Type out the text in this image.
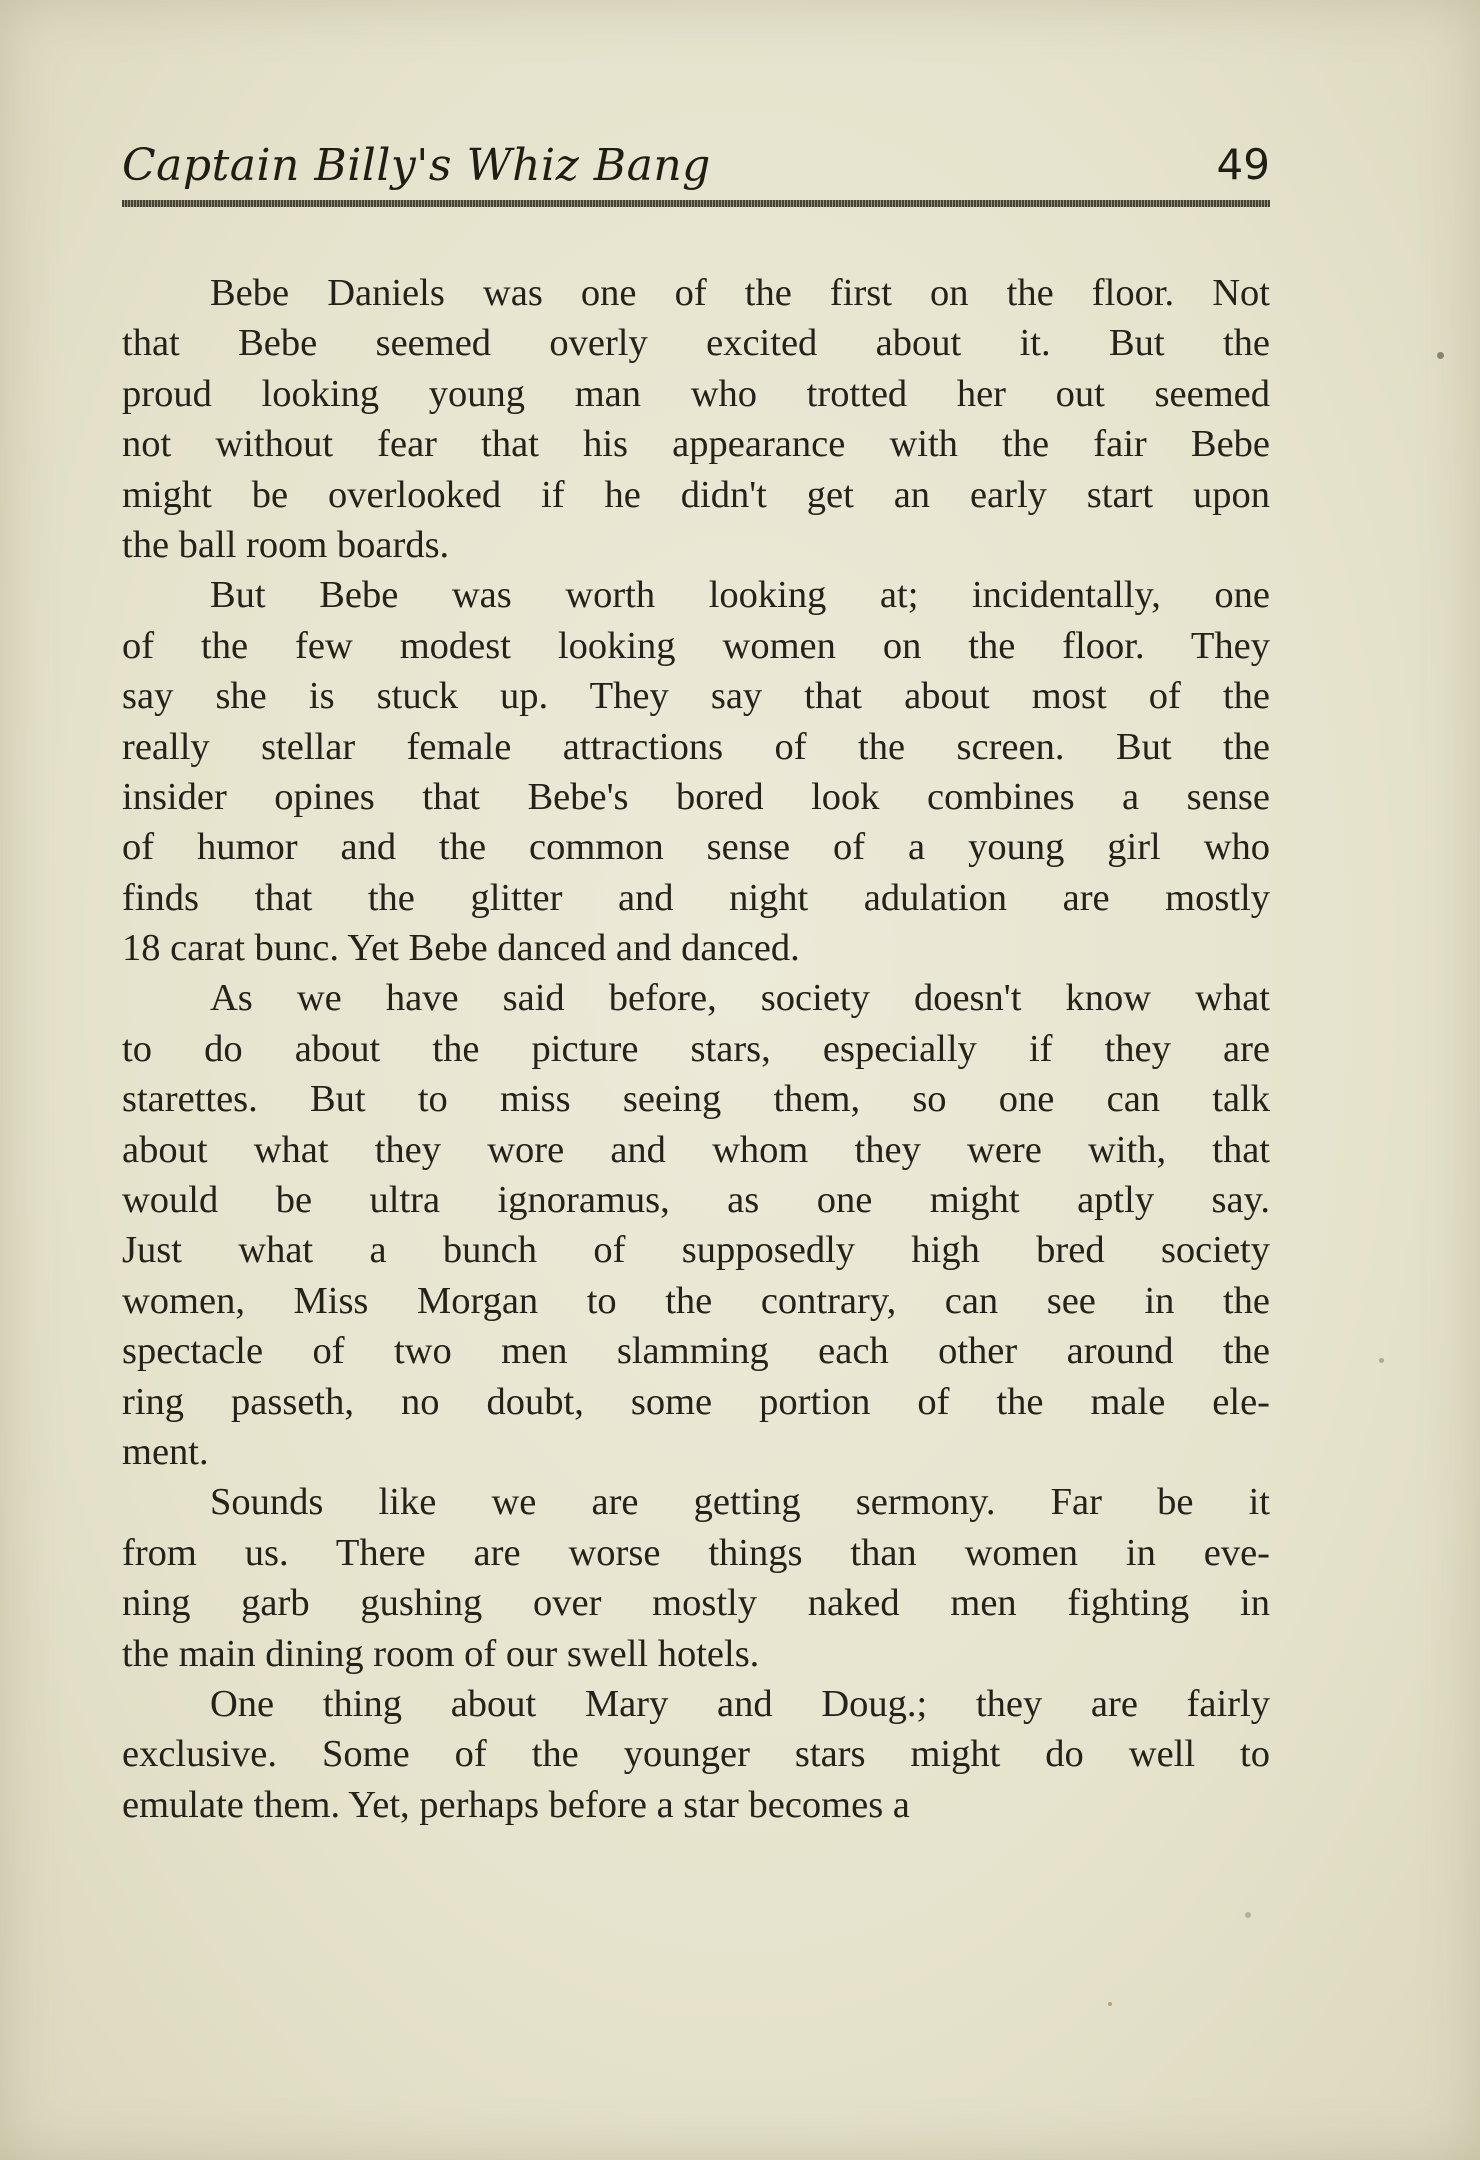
Captain Billy's Whiz Bang	49
Bebe Daniels was one of the first on the floor. Not
that Bebe seemed overly excited about it. But the
proud looking young man who trotted her out seemed
not without fear that his appearance with the fair Bebe
might be overlooked if he didn't get an early start upon
the ball room boards.
But Bebe was worth looking at; incidentally, one
of the few modest looking women on the floor. They
say she is stuck up. They say that about most of the
really stellar female attractions of the screen. But the
insider opines that Bebe's bored look combines a sense
of humor and the common sense of a young girl who
finds that the glitter and night adulation are mostly
18 carat bunc. Yet Bebe danced and danced.
As we have said before, society doesn't know what
to do about the picture stars, especially if they are
starettes. But to miss seeing them, so one can talk
about what they wore and whom they were with, that
would be ultra ignoramus, as one might aptly say.
Just what a bunch of supposedly high bred society
women, Miss Morgan to the contrary, can see in the
spectacle of two men slamming each other around the
ring passeth, no doubt, some portion of the male ele-
ment.
Sounds like we are getting sermony. Far be it
from us. There are worse things than women in eve-
ning garb gushing over mostly naked men fighting in
the main dining room of our swell hotels.
One thing about Mary and Doug.; they are fairly
exclusive. Some of the younger stars might do well to
emulate them. Yet, perhaps before a star becomes a
